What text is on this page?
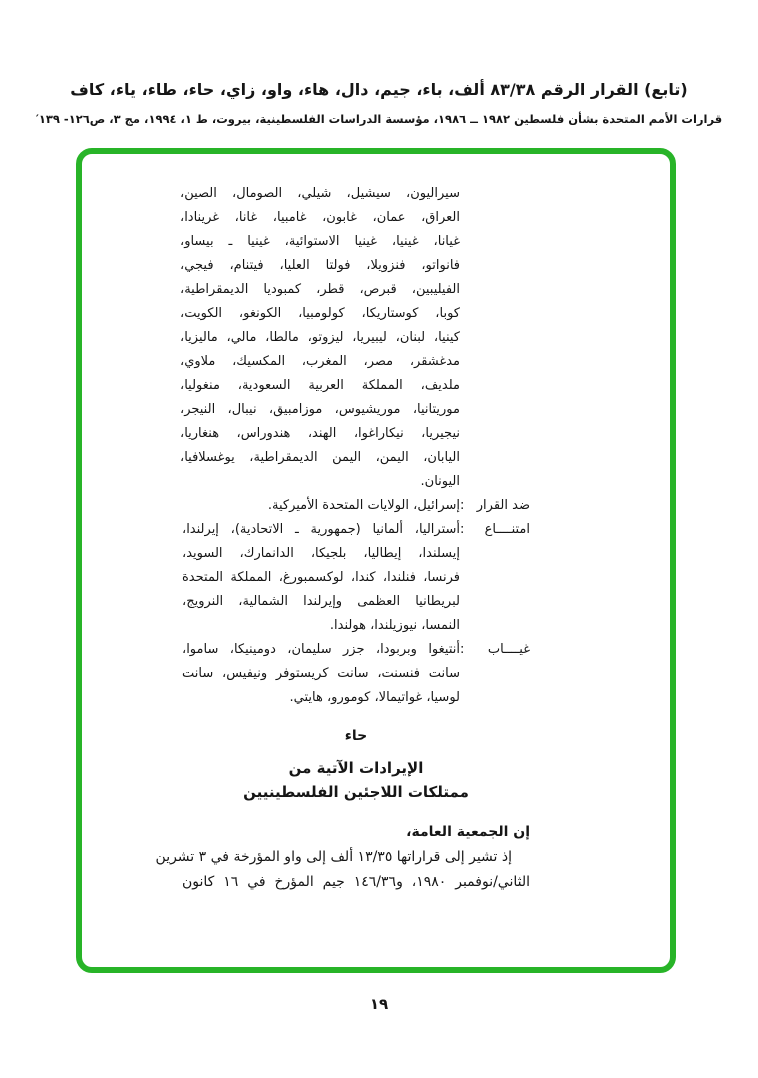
(تابع) القرار الرقم ٨٣/٣٨ ألف، باء، جيم، دال، هاء، واو، زاي، حاء، طاء، ياء، كاف
قرارات الأمم المتحدة بشأن فلسطين ١٩٨٢ ــ ١٩٨٦، مؤسسة الدراسات الفلسطينية، بيروت، ط ١، ١٩٩٤، مج ٣، ص١٢٦- ١٣٩′
سيراليون، سيشيل، شيلي، الصومال، الصين،
العراق، عمان، غابون، غامبيا، غانا، غرينادا،
غيانا، غينيا، غينيا الاستوائية، غينيا ـ بيساو،
فانواتو، فنزويلا، فولتا العليا، فيتنام، فيجي،
الفيليبين، قبرص، قطر، كمبوديا الديمقراطية،
كوبا، كوستاريكا، كولومبيا، الكونغو، الكويت،
كينيا، لبنان، ليبيريا، ليزوتو، مالطا، مالي، ماليزيا،
مدغشقر، مصر، المغرب، المكسيك، ملاوي،
ملديف، المملكة العربية السعودية، منغوليا،
موريتانيا، موريشيوس، موزامبيق، نيبال، النيجر،
نيجيريا، نيكاراغوا، الهند، هندوراس، هنغاريا،
اليابان، اليمن، اليمن الديمقراطية، يوغسلافيا،
اليونان.
ضد القرار
:
إسرائيل، الولايات المتحدة الأميركية.
امتنــــاع
:
أستراليا، ألمانيا (جمهورية ـ الاتحادية)، إيرلندا،
إيسلندا، إيطاليا، بلجيكا، الدانمارك، السويد،
فرنسا، فنلندا، كندا، لوكسمبورغ، المملكة المتحدة
لبريطانيا العظمى وإيرلندا الشمالية، النرويج،
النمسا، نيوزيلندا، هولندا.
غيــــاب
:
أنتيغوا وبربودا، جزر سليمان، دومينيكا، ساموا،
سانت فنسنت، سانت كريستوفر ونيفيس، سانت
لوسيا، غواتيمالا، كومورو، هايتي.
حاء
الإيرادات الآتية من
ممتلكات اللاجئين الفلسطينيين
إن الجمعية العامة،
إذ تشير إلى قراراتها ١٣/٣٥ ألف إلى واو المؤرخة في ٣ تشرين
الثاني/نوفمبر ١٩٨٠، و١٤٦/٣٦ جيم المؤرخ في ١٦ كانون
١٩
